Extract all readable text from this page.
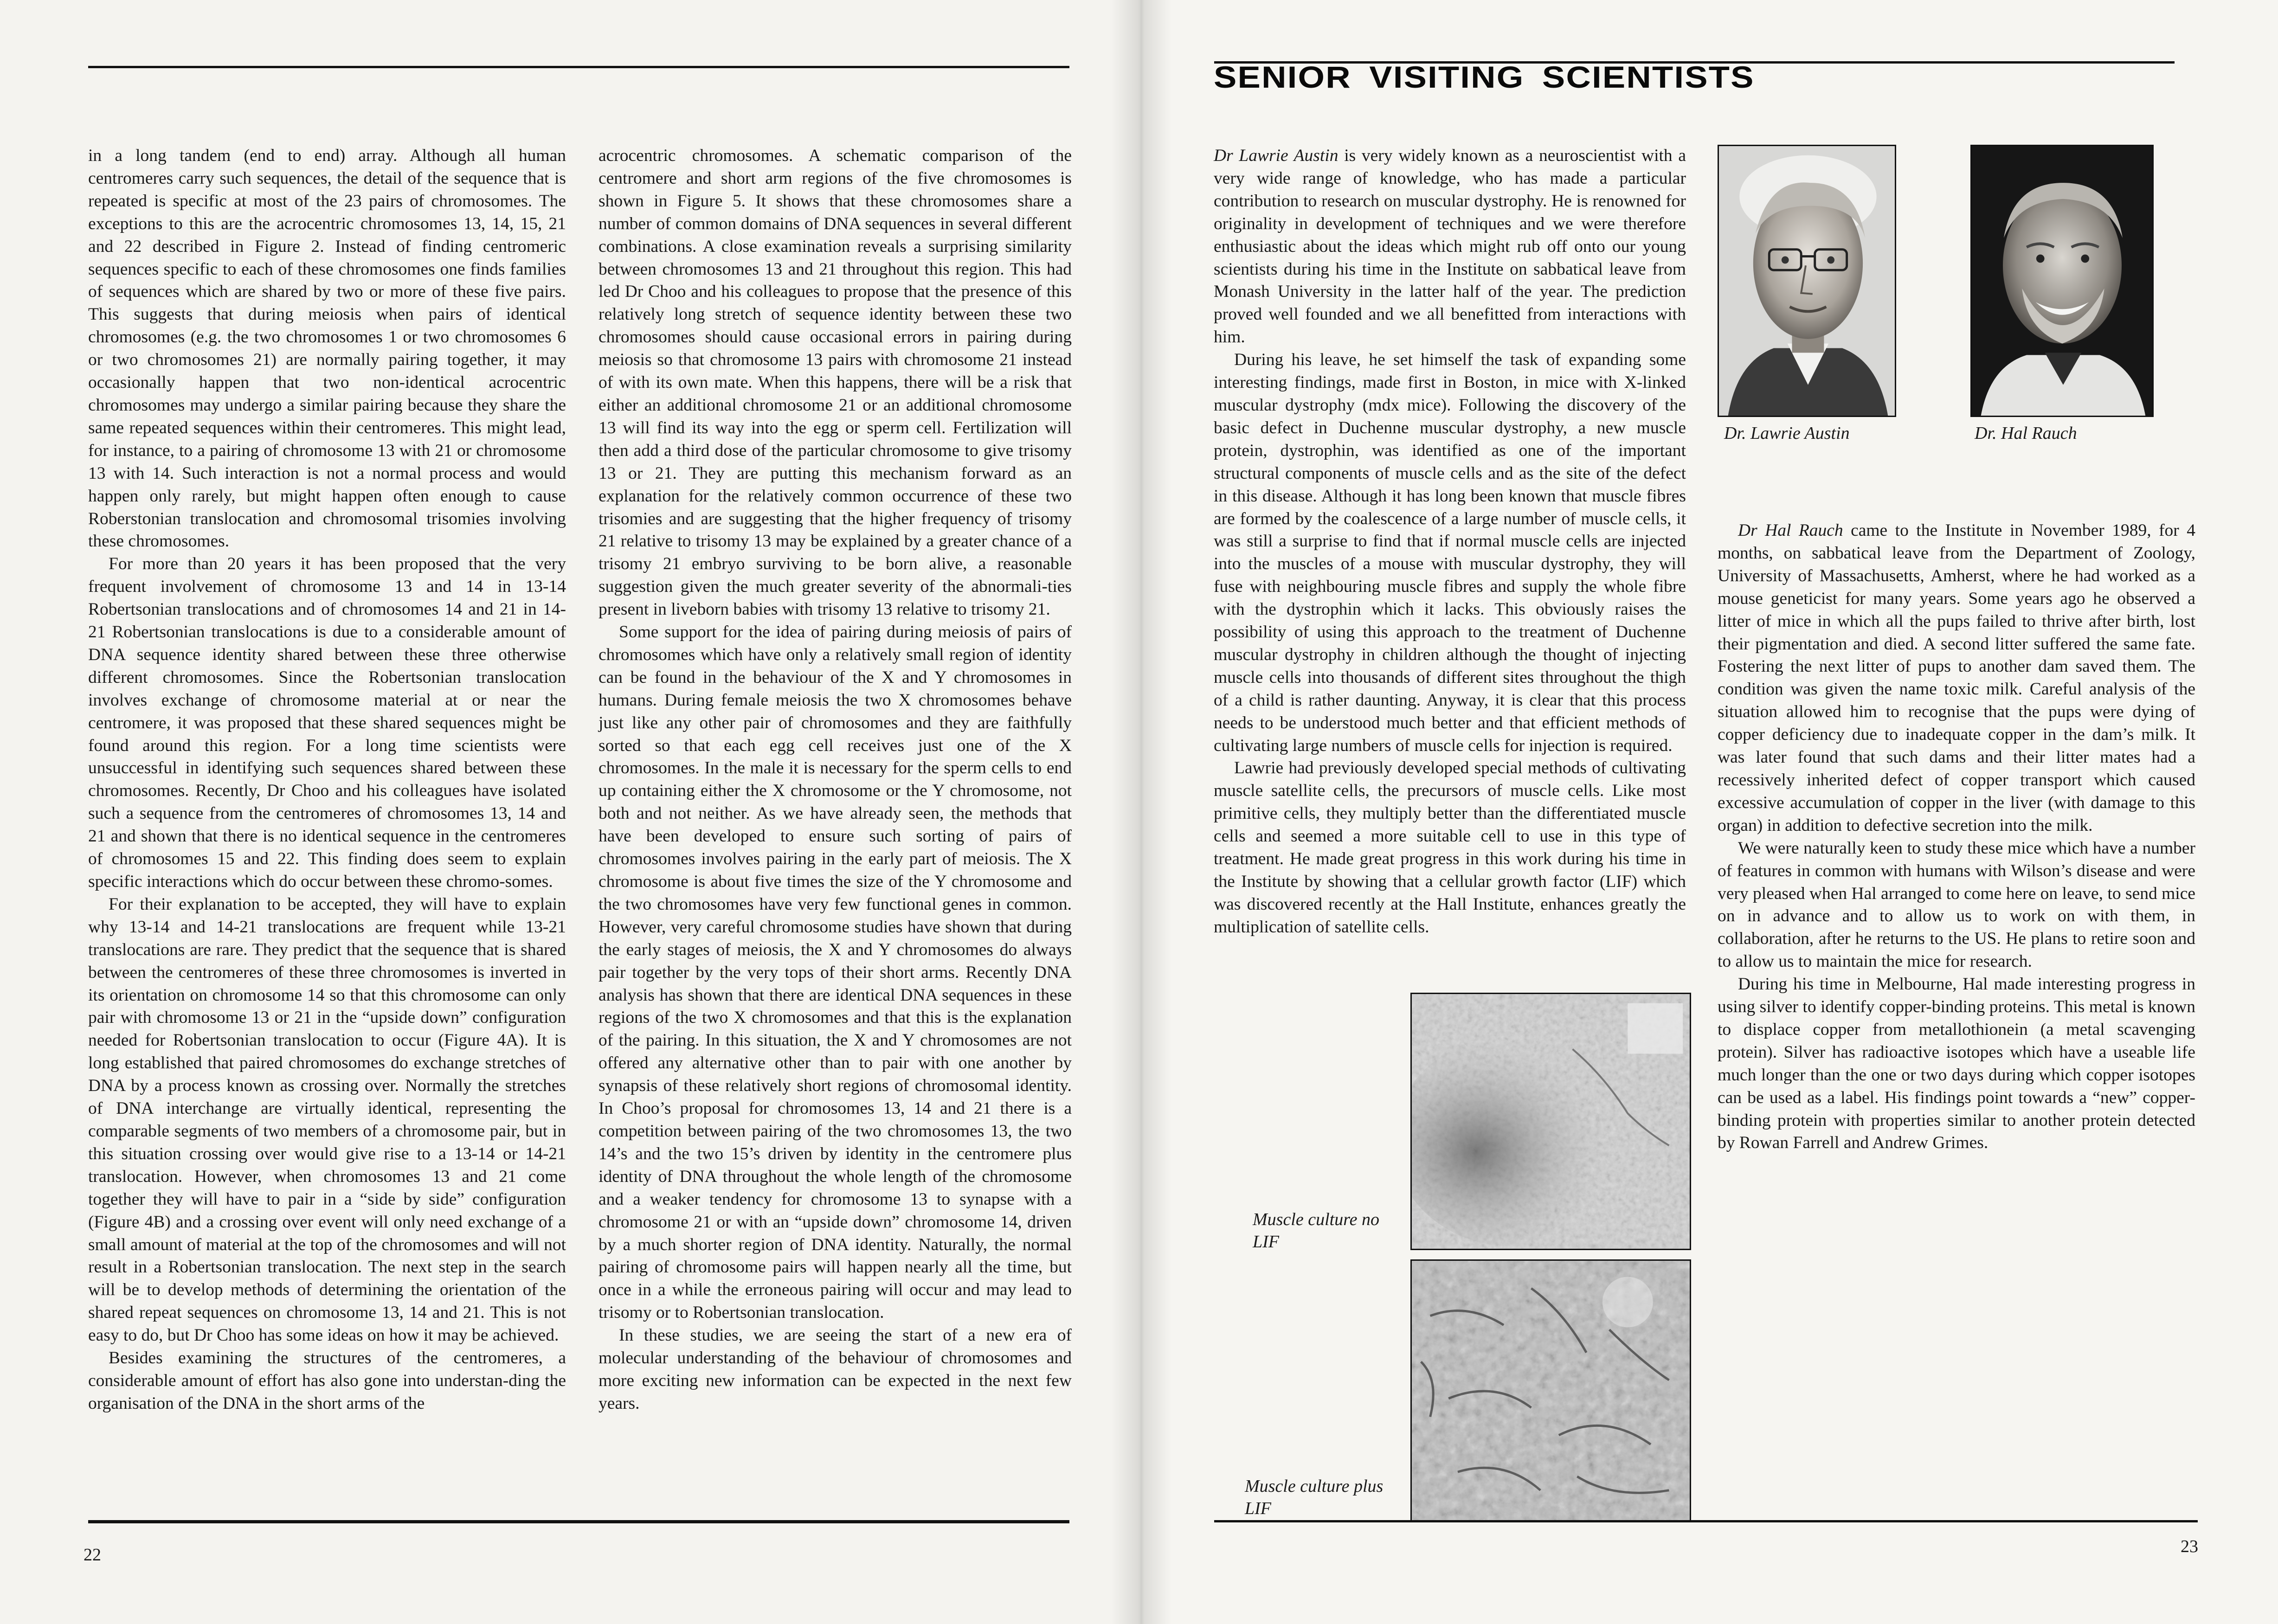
in a long tandem (end to end) array. Although all human centromeres carry such sequences, the detail of the sequence that is repeated is specific at most of the 23 pairs of chromosomes. The exceptions to this are the acrocentric chromosomes 13, 14, 15, 21 and 22 described in Figure 2. Instead of finding centromeric sequences specific to each of these chromosomes one finds families of sequences which are shared by two or more of these five pairs. This suggests that during meiosis when pairs of identical chromosomes (e.g. the two chromosomes 1 or two chromosomes 6 or two chromosomes 21) are normally pairing together, it may occasionally happen that two non-identical acrocentric chromosomes may undergo a similar pairing because they share the same repeated sequences within their centromeres. This might lead, for instance, to a pairing of chromosome 13 with 21 or chromosome 13 with 14. Such interaction is not a normal process and would happen only rarely, but might happen often enough to cause Roberstonian translocation and chromosomal trisomies involving these chromosomes.

For more than 20 years it has been proposed that the very frequent involvement of chromosome 13 and 14 in 13-14 Robertsonian translocations and of chromosomes 14 and 21 in 14-21 Robertsonian translocations is due to a considerable amount of DNA sequence identity shared between these three otherwise different chromosomes. Since the Robertsonian translocation involves exchange of chromosome material at or near the centromere, it was proposed that these shared sequences might be found around this region. For a long time scientists were unsuccessful in identifying such sequences shared between these chromosomes. Recently, Dr Choo and his colleagues have isolated such a sequence from the centromeres of chromosomes 13, 14 and 21 and shown that there is no identical sequence in the centromeres of chromosomes 15 and 22. This finding does seem to explain specific interactions which do occur between these chromo-somes.

For their explanation to be accepted, they will have to explain why 13-14 and 14-21 translocations are frequent while 13-21 translocations are rare. They predict that the sequence that is shared between the centromeres of these three chromosomes is inverted in its orientation on chromosome 14 so that this chromosome can only pair with chromosome 13 or 21 in the “upside down” configuration needed for Robertsonian translocation to occur (Figure 4A). It is long established that paired chromosomes do exchange stretches of DNA by a process known as crossing over. Normally the stretches of DNA interchange are virtually identical, representing the comparable segments of two members of a chromosome pair, but in this situation crossing over would give rise to a 13-14 or 14-21 translocation. However, when chromosomes 13 and 21 come together they will have to pair in a “side by side” configuration (Figure 4B) and a crossing over event will only need exchange of a small amount of material at the top of the chromosomes and will not result in a Robertsonian translocation. The next step in the search will be to develop methods of determining the orientation of the shared repeat sequences on chromosome 13, 14 and 21. This is not easy to do, but Dr Choo has some ideas on how it may be achieved.

Besides examining the structures of the centromeres, a considerable amount of effort has also gone into understan-ding the organisation of the DNA in the short arms of the

acrocentric chromosomes. A schematic comparison of the centromere and short arm regions of the five chromosomes is shown in Figure 5. It shows that these chromosomes share a number of common domains of DNA sequences in several different combinations. A close examination reveals a surprising similarity between chromosomes 13 and 21 throughout this region. This had led Dr Choo and his colleagues to propose that the presence of this relatively long stretch of sequence identity between these two chromosomes should cause occasional errors in pairing during meiosis so that chromosome 13 pairs with chromosome 21 instead of with its own mate. When this happens, there will be a risk that either an additional chromosome 21 or an additional chromosome 13 will find its way into the egg or sperm cell. Fertilization will then add a third dose of the particular chromosome to give trisomy 13 or 21. They are putting this mechanism forward as an explanation for the relatively common occurrence of these two trisomies and are suggesting that the higher frequency of trisomy 21 relative to trisomy 13 may be explained by a greater chance of a trisomy 21 embryo surviving to be born alive, a reasonable suggestion given the much greater severity of the abnormali-ties present in liveborn babies with trisomy 13 relative to trisomy 21.

Some support for the idea of pairing during meiosis of pairs of chromosomes which have only a relatively small region of identity can be found in the behaviour of the X and Y chromosomes in humans. During female meiosis the two X chromosomes behave just like any other pair of chromosomes and they are faithfully sorted so that each egg cell receives just one of the X chromosomes. In the male it is necessary for the sperm cells to end up containing either the X chromosome or the Y chromosome, not both and not neither. As we have already seen, the methods that have been developed to ensure such sorting of pairs of chromosomes involves pairing in the early part of meiosis. The X chromosome is about five times the size of the Y chromosome and the two chromosomes have very few functional genes in common. However, very careful chromosome studies have shown that during the early stages of meiosis, the X and Y chromosomes do always pair together by the very tops of their short arms. Recently DNA analysis has shown that there are identical DNA sequences in these regions of the two X chromosomes and that this is the explanation of the pairing. In this situation, the X and Y chromosomes are not offered any alternative other than to pair with one another by synapsis of these relatively short regions of chromosomal identity. In Choo’s proposal for chromosomes 13, 14 and 21 there is a competition between pairing of the two chromosomes 13, the two 14’s and the two 15’s driven by identity in the centromere plus identity of DNA throughout the whole length of the chromosome and a weaker tendency for chromosome 13 to synapse with a chromosome 21 or with an “upside down” chromosome 14, driven by a much shorter region of DNA identity. Naturally, the normal pairing of chromosome pairs will happen nearly all the time, but once in a while the erroneous pairing will occur and may lead to trisomy or to Robertsonian translocation.

In these studies, we are seeing the start of a new era of molecular understanding of the behaviour of chromosomes and more exciting new information can be expected in the next few years.

22
SENIOR VISITING SCIENTISTS

Dr Lawrie Austin is very widely known as a neuroscientist with a very wide range of knowledge, who has made a particular contribution to research on muscular dystrophy. He is renowned for originality in development of techniques and we were therefore enthusiastic about the ideas which might rub off onto our young scientists during his time in the Institute on sabbatical leave from Monash University in the latter half of the year. The prediction proved well founded and we all benefitted from interactions with him.

During his leave, he set himself the task of expanding some interesting findings, made first in Boston, in mice with X-linked muscular dystrophy (mdx mice). Following the discovery of the basic defect in Duchenne muscular dystrophy, a new muscle protein, dystrophin, was identified as one of the important structural components of muscle cells and as the site of the defect in this disease. Although it has long been known that muscle fibres are formed by the coalescence of a large number of muscle cells, it was still a surprise to find that if normal muscle cells are injected into the muscles of a mouse with muscular dystrophy, they will fuse with neighbouring muscle fibres and supply the whole fibre with the dystrophin which it lacks. This obviously raises the possibility of using this approach to the treatment of Duchenne muscular dystrophy in children although the thought of injecting muscle cells into thousands of different sites throughout the thigh of a child is rather daunting. Anyway, it is clear that this process needs to be understood much better and that efficient methods of cultivating large numbers of muscle cells for injection is required.

Lawrie had previously developed special methods of cultivating muscle satellite cells, the precursors of muscle cells. Like most primitive cells, they multiply better than the differentiated muscle cells and seemed a more suitable cell to use in this type of treatment. He made great progress in this work during his time in the Institute by showing that a cellular growth factor (LIF) which was discovered recently at the Hall Institute, enhances greatly the multiplication of satellite cells.

Dr. Lawrie Austin	Dr. Hal Rauch

Dr Hal Rauch came to the Institute in November 1989, for 4 months, on sabbatical leave from the Department of Zoology, University of Massachusetts, Amherst, where he had worked as a mouse geneticist for many years. Some years ago he observed a litter of mice in which all the pups failed to thrive after birth, lost their pigmentation and died. A second litter suffered the same fate. Fostering the next litter of pups to another dam saved them. The condition was given the name toxic milk. Careful analysis of the situation allowed him to recognise that the pups were dying of copper deficiency due to inadequate copper in the dam’s milk. It was later found that such dams and their litter mates had a recessively inherited defect of copper transport which caused excessive accumulation of copper in the liver (with damage to this organ) in addition to defective secretion into the milk.

We were naturally keen to study these mice which have a number of features in common with humans with Wilson’s disease and were very pleased when Hal arranged to come here on leave, to send mice on in advance and to allow us to work on with them, in collaboration, after he returns to the US. He plans to retire soon and to allow us to maintain the mice for research.

During his time in Melbourne, Hal made interesting progress in using silver to identify copper-binding proteins. This metal is known to displace copper from metallothionein (a metal scavenging protein). Silver has radioactive isotopes which have a useable life much longer than the one or two days during which copper isotopes can be used as a label. His findings point towards a “new” copper-binding protein with properties similar to another protein detected by Rowan Farrell and Andrew Grimes.

Muscle culture no LIF
Muscle culture plus LIF
23
